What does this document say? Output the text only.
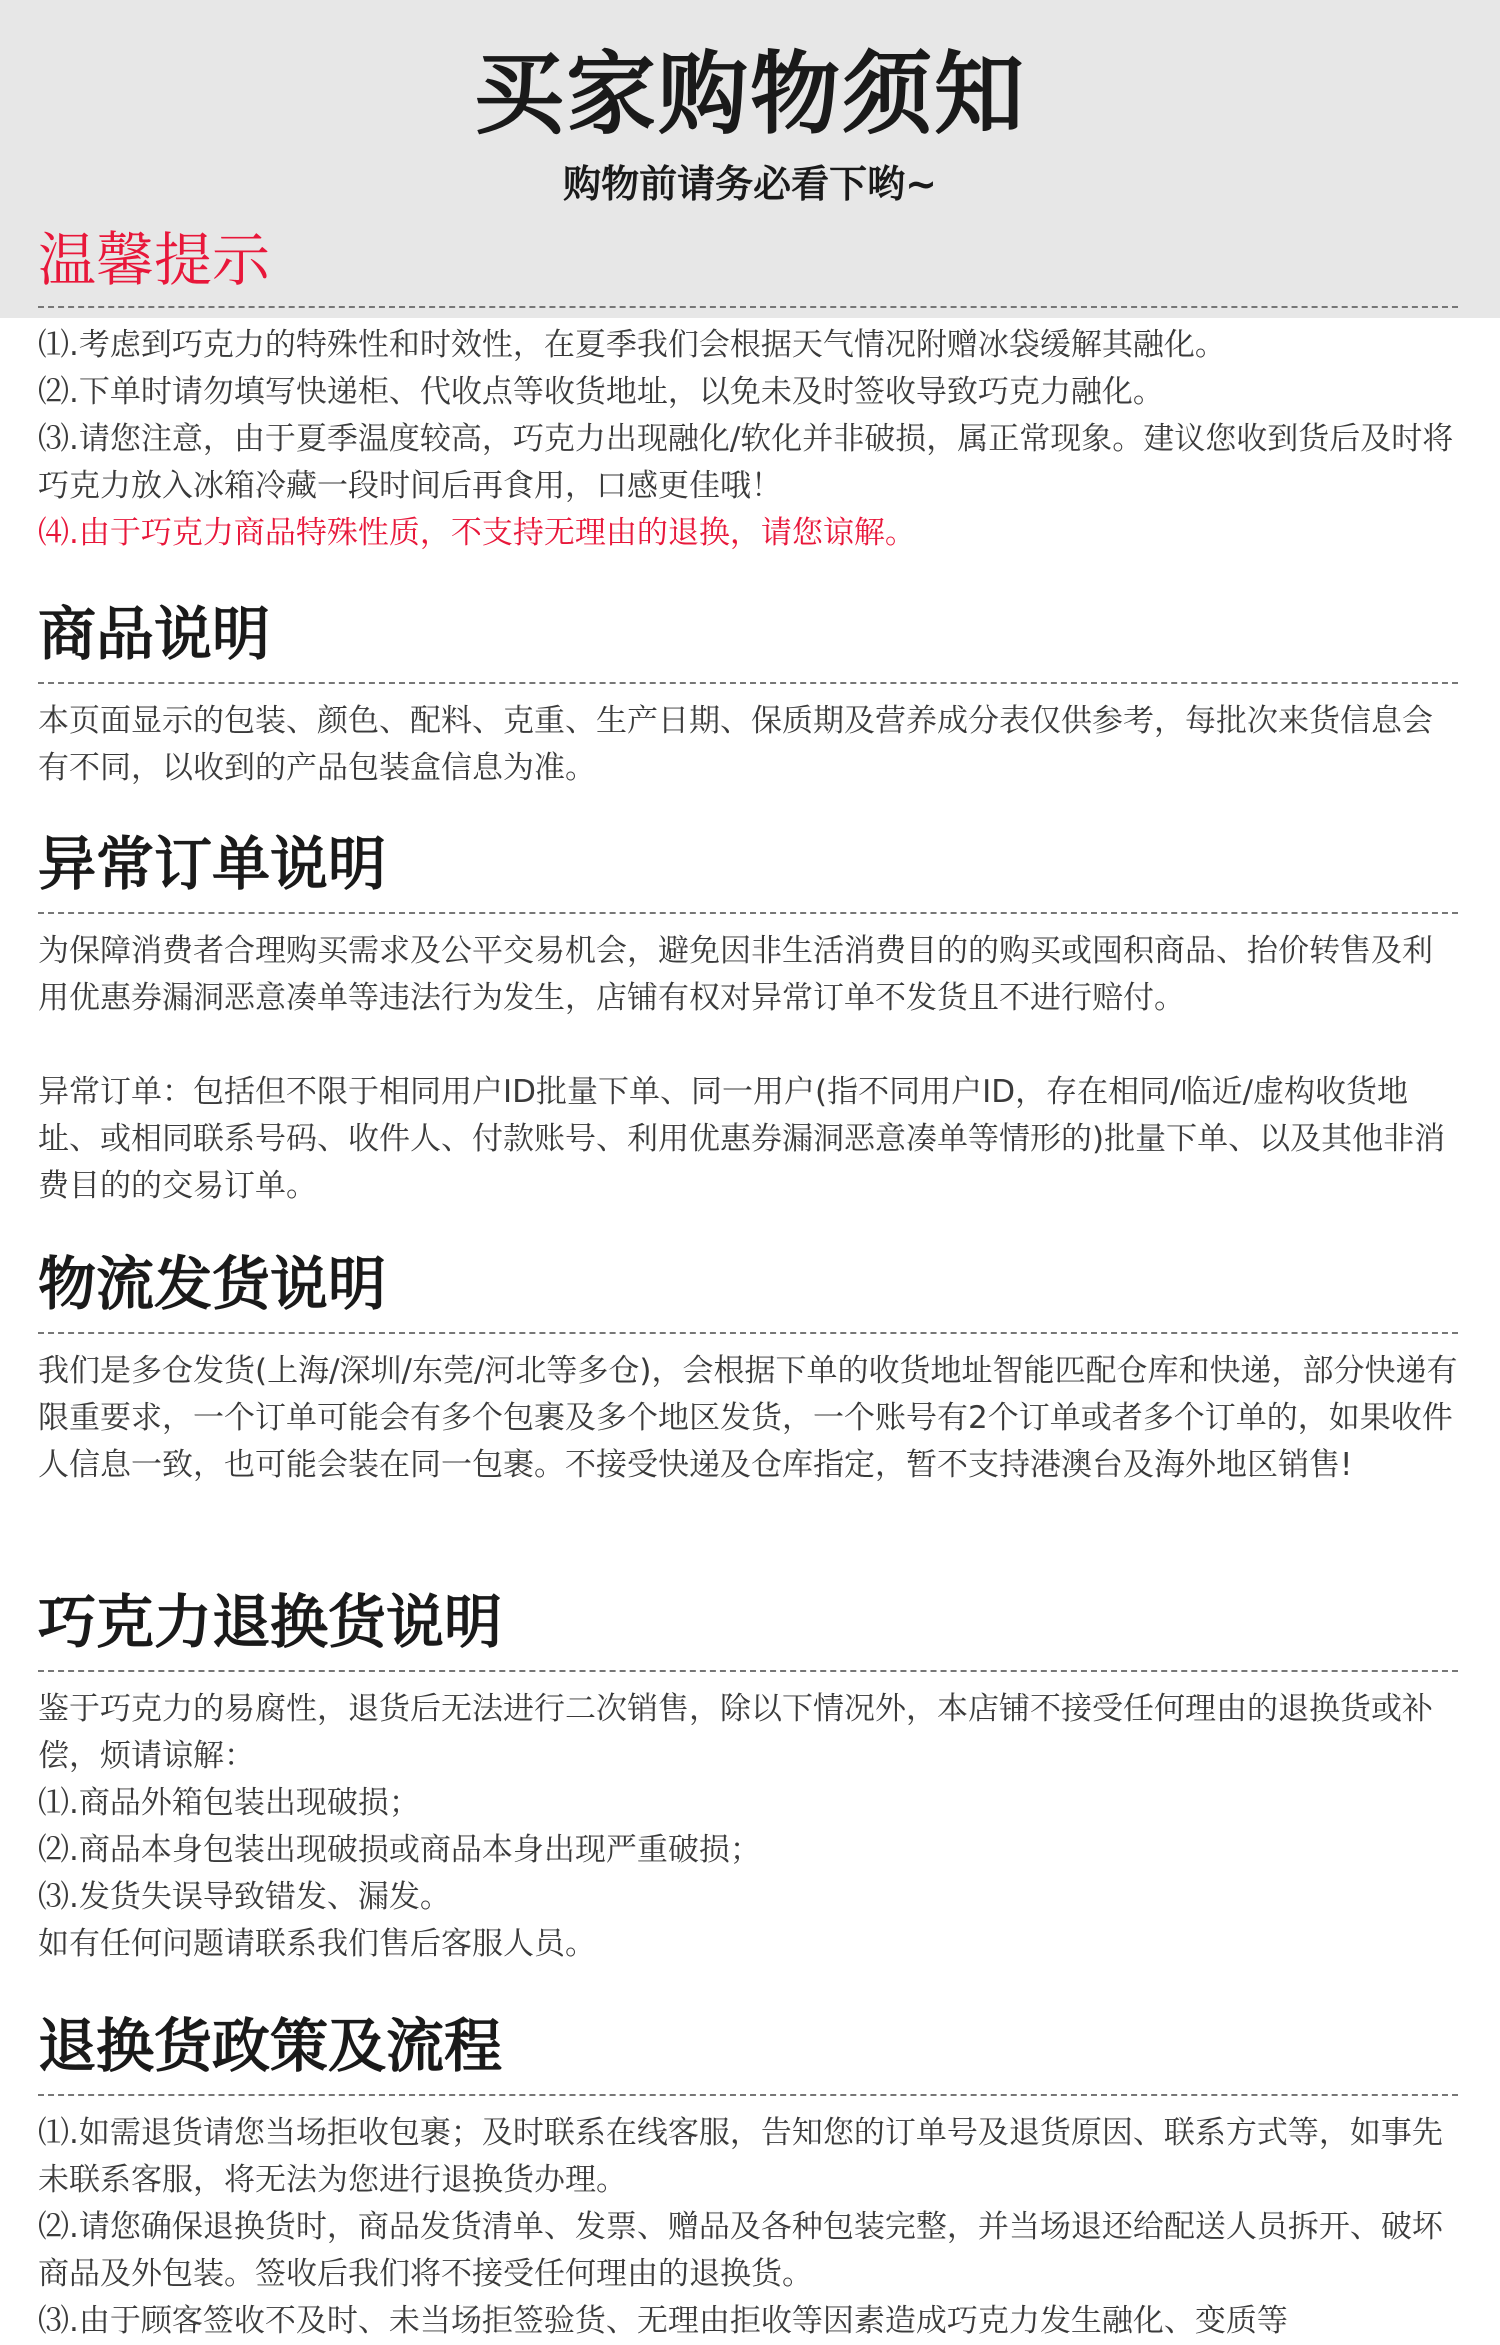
买家购物须知
购物前请务必看下哟~
温馨提示

⑴.考虑到巧克力的特殊性和时效性，在夏季我们会根据天气情况附赠冰袋缓解其融化。

⑵.下单时请勿填写快递柜、代收点等收货地址，以免未及时签收导致巧克力融化。

⑶.请您注意，由于夏季温度较高，巧克力出现融化/软化并非破损，属正常现象。建议您收到货后及时将巧克力放入冰箱冷藏一段时间后再食用，口感更佳哦！

⑷.由于巧克力商品特殊性质，不支持无理由的退换，请您谅解。

商品说明

本页面显示的包装、颜色、配料、克重、生产日期、保质期及营养成分表仅供参考，每批次来货信息会有不同，以收到的产品包装盒信息为准。

异常订单说明

为保障消费者合理购买需求及公平交易机会，避免因非生活消费目的的购买或囤积商品、抬价转售及利用优惠券漏洞恶意凑单等违法行为发生，店铺有权对异常订单不发货且不进行赔付。

异常订单：包括但不限于相同用户ID批量下单、同一用户(指不同用户ID，存在相同/临近/虚构收货地址、或相同联系号码、收件人、付款账号、利用优惠券漏洞恶意凑单等情形的)批量下单、以及其他非消费目的的交易订单。

物流发货说明

我们是多仓发货(上海/深圳/东莞/河北等多仓)，会根据下单的收货地址智能匹配仓库和快递，部分快递有限重要求，一个订单可能会有多个包裹及多个地区发货，一个账号有2个订单或者多个订单的，如果收件人信息一致，也可能会装在同一包裹。不接受快递及仓库指定，暂不支持港澳台及海外地区销售!

巧克力退换货说明

鉴于巧克力的易腐性，退货后无法进行二次销售，除以下情况外，本店铺不接受任何理由的退换货或补偿，烦请谅解：

⑴.商品外箱包装出现破损；

⑵.商品本身包装出现破损或商品本身出现严重破损；

⑶.发货失误导致错发、漏发。

如有任何问题请联系我们售后客服人员。

退换货政策及流程

⑴.如需退货请您当场拒收包裹；及时联系在线客服，告知您的订单号及退货原因、联系方式等，如事先未联系客服，将无法为您进行退换货办理。

⑵.请您确保退换货时，商品发货清单、发票、赠品及各种包装完整，并当场退还给配送人员拆开、破坏商品及外包装。签收后我们将不接受任何理由的退换货。

⑶.由于顾客签收不及时、未当场拒签验货、无理由拒收等因素造成巧克力发生融化、变质等
